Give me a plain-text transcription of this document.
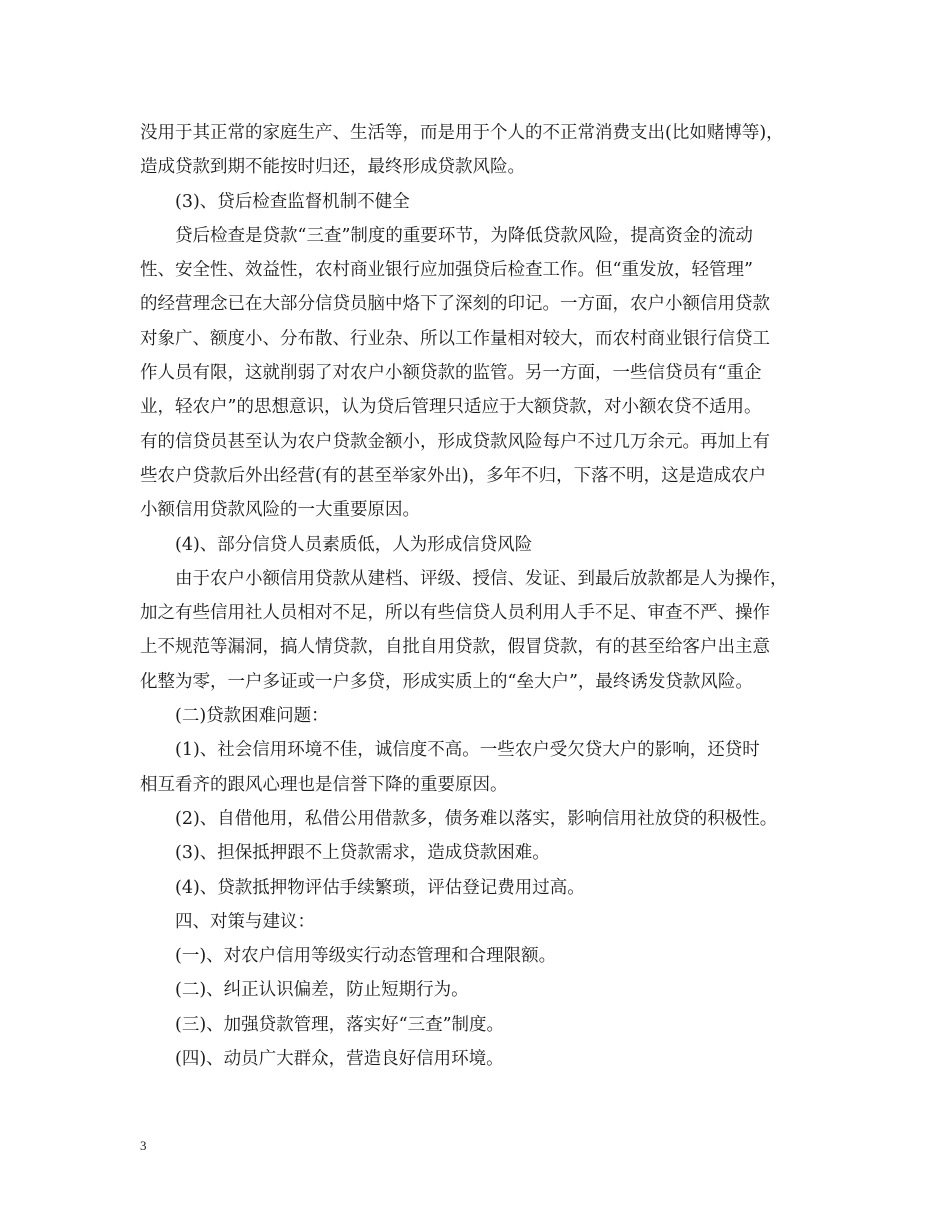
没用于其正常的家庭生产、生活等，而是用于个人的不正常消费支出(比如赌博等)，
造成贷款到期不能按时归还，最终形成贷款风险。
(3)、贷后检查监督机制不健全
贷后检查是贷款“三查”制度的重要环节，为降低贷款风险，提高资金的流动
性、安全性、效益性，农村商业银行应加强贷后检查工作。但“重发放，轻管理”
的经营理念已在大部分信贷员脑中烙下了深刻的印记。一方面，农户小额信用贷款
对象广、额度小、分布散、行业杂、所以工作量相对较大，而农村商业银行信贷工
作人员有限，这就削弱了对农户小额贷款的监管。另一方面，一些信贷员有“重企
业，轻农户”的思想意识，认为贷后管理只适应于大额贷款，对小额农贷不适用。
有的信贷员甚至认为农户贷款金额小，形成贷款风险每户不过几万余元。再加上有
些农户贷款后外出经营(有的甚至举家外出)，多年不归，下落不明，这是造成农户
小额信用贷款风险的一大重要原因。
(4)、部分信贷人员素质低，人为形成信贷风险
由于农户小额信用贷款从建档、评级、授信、发证、到最后放款都是人为操作，
加之有些信用社人员相对不足，所以有些信贷人员利用人手不足、审查不严、操作
上不规范等漏洞，搞人情贷款，自批自用贷款，假冒贷款，有的甚至给客户出主意
化整为零，一户多证或一户多贷，形成实质上的“垒大户”，最终诱发贷款风险。
(二)贷款困难问题：
(1)、社会信用环境不佳，诚信度不高。一些农户受欠贷大户的影响，还贷时
相互看齐的跟风心理也是信誉下降的重要原因。
(2)、自借他用，私借公用借款多，债务难以落实，影响信用社放贷的积极性。
(3)、担保抵押跟不上贷款需求，造成贷款困难。
(4)、贷款抵押物评估手续繁琐，评估登记费用过高。
四、对策与建议：
(一)、对农户信用等级实行动态管理和合理限额。
(二)、纠正认识偏差，防止短期行为。
(三)、加强贷款管理，落实好“三查”制度。
(四)、动员广大群众，营造良好信用环境。
3
